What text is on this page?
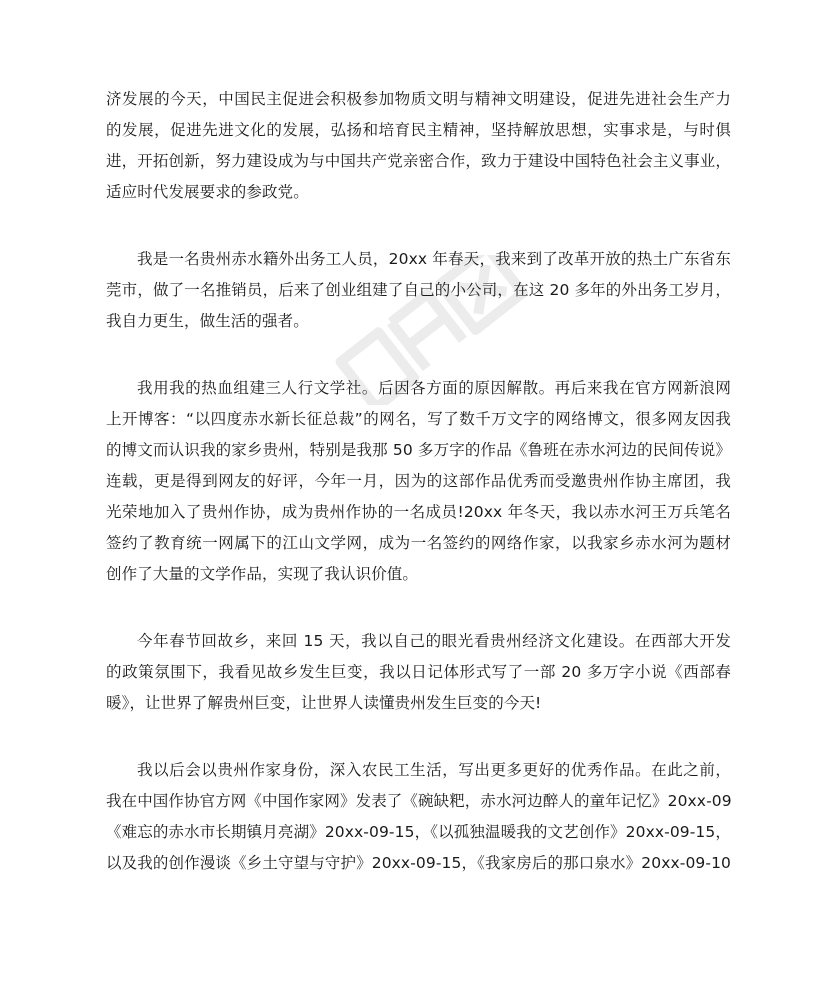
济发展的今天，中国民主促进会积极参加物质文明与精神文明建设，促进先进社会生产力
的发展，促进先进文化的发展，弘扬和培育民主精神，坚持解放思想，实事求是，与时俱
进，开拓创新，努力建设成为与中国共产党亲密合作，致力于建设中国特色社会主义事业，
适应时代发展要求的参政党。
我是一名贵州赤水籍外出务工人员，20xx 年春天，我来到了改革开放的热土广东省东
莞市，做了一名推销员，后来了创业组建了自己的小公司，在这 20 多年的外出务工岁月，
我自力更生，做生活的强者。
我用我的热血组建三人行文学社。后因各方面的原因解散。再后来我在官方网新浪网
上开博客：“以四度赤水新长征总裁”的网名，写了数千万文字的网络博文，很多网友因我
的博文而认识我的家乡贵州，特别是我那 50 多万字的作品《鲁班在赤水河边的民间传说》
连载，更是得到网友的好评，今年一月，因为的这部作品优秀而受邀贵州作协主席团，我
光荣地加入了贵州作协，成为贵州作协的一名成员!20xx 年冬天，我以赤水河王万兵笔名
签约了教育统一网属下的江山文学网，成为一名签约的网络作家，以我家乡赤水河为题材
创作了大量的文学作品，实现了我认识价值。
今年春节回故乡，来回 15 天，我以自己的眼光看贵州经济文化建设。在西部大开发
的政策氛围下，我看见故乡发生巨变，我以日记体形式写了一部 20 多万字小说《西部春
暖》，让世界了解贵州巨变，让世界人读懂贵州发生巨变的今天!
我以后会以贵州作家身份，深入农民工生活，写出更多更好的优秀作品。在此之前，
我在中国作协官方网《中国作家网》发表了《碗缺粑，赤水河边醉人的童年记忆》20xx-09
《难忘的赤水市长期镇月亮湖》20xx-09-15，《以孤独温暖我的文艺创作》20xx-09-15，
以及我的创作漫谈《乡土守望与守护》20xx-09-15，《我家房后的那口泉水》20xx-09-10
